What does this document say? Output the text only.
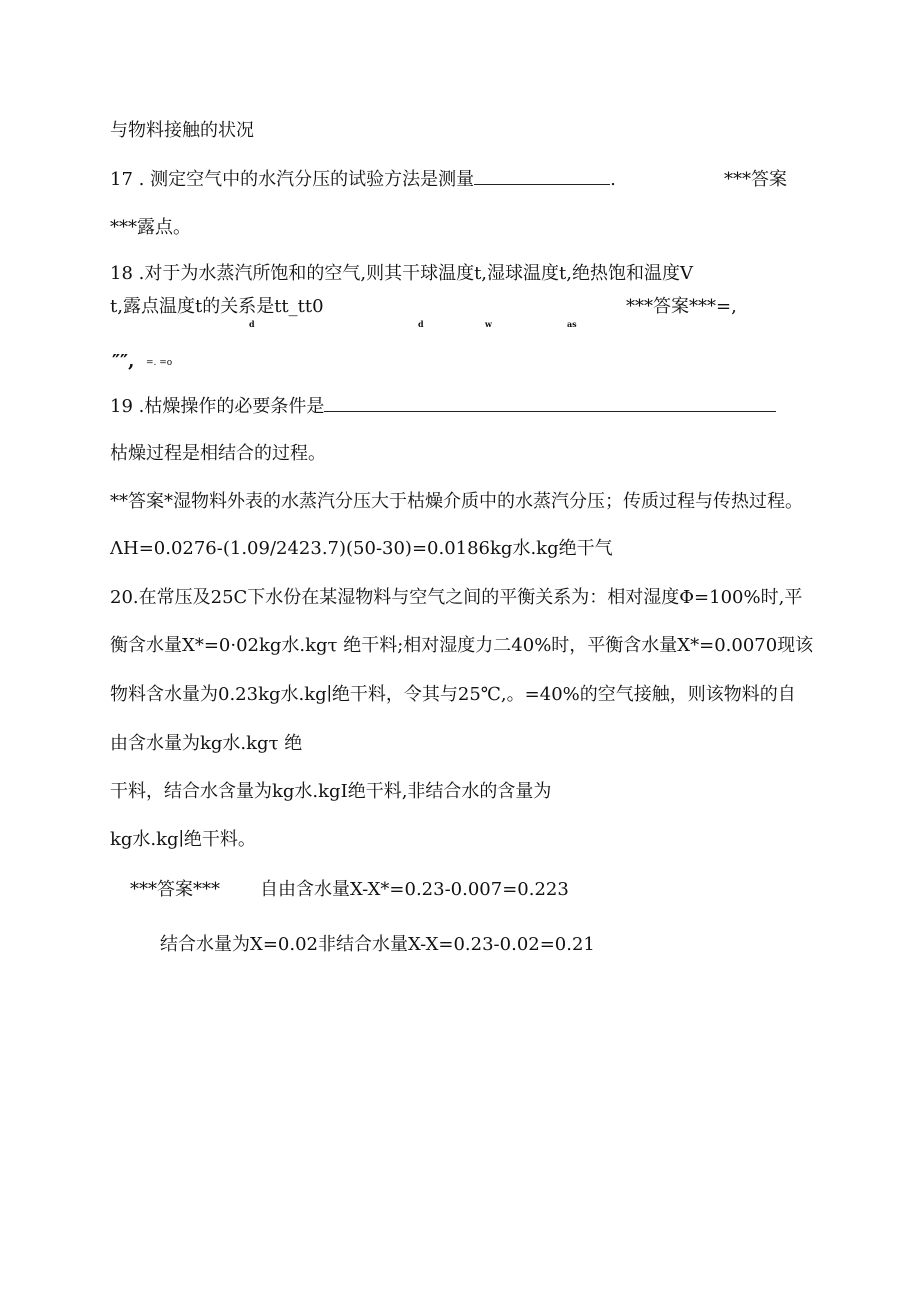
与物料接触的状况
17 . 测定空气中的水汽分压的试验方法是测量	.	***答案
***露点。
18 .对于为水蒸汽所饱和的空气,则其干球温度t,湿球温度t,绝热饱和温度V
t,露点温度t的关系是tt_tt0	***答案***=,
d	d	w	as
″″, =. =o
19 .枯燥操作的必要条件是
枯燥过程是相结合的过程。
**答案*湿物料外表的水蒸汽分压大于枯燥介质中的水蒸汽分压；传质过程与传热过程。
ΛH=0.0276-(1.09/2423.7)(50-30)=0.0186kg水.kg绝干气
20.在常压及25C下水份在某湿物料与空气之间的平衡关系为：相对湿度Φ=100%时,平
衡含水量X*=0·02kg水.kgτ 绝干料;相对湿度力二40%时，平衡含水量X*=0.0070现该
物料含水量为0.23kg水.kg∣绝干料，令其与25℃,。=40%的空气接触，则该物料的自
由含水量为kg水.kgτ 绝
干料，结合水含量为kg水.kgI绝干料,非结合水的含量为
kg水.kg∣绝干料。
***答案*** 自由含水量X-X*=0.23-0.007=0.223
结合水量为X=0.02非结合水量X-X=0.23-0.02=0.21
